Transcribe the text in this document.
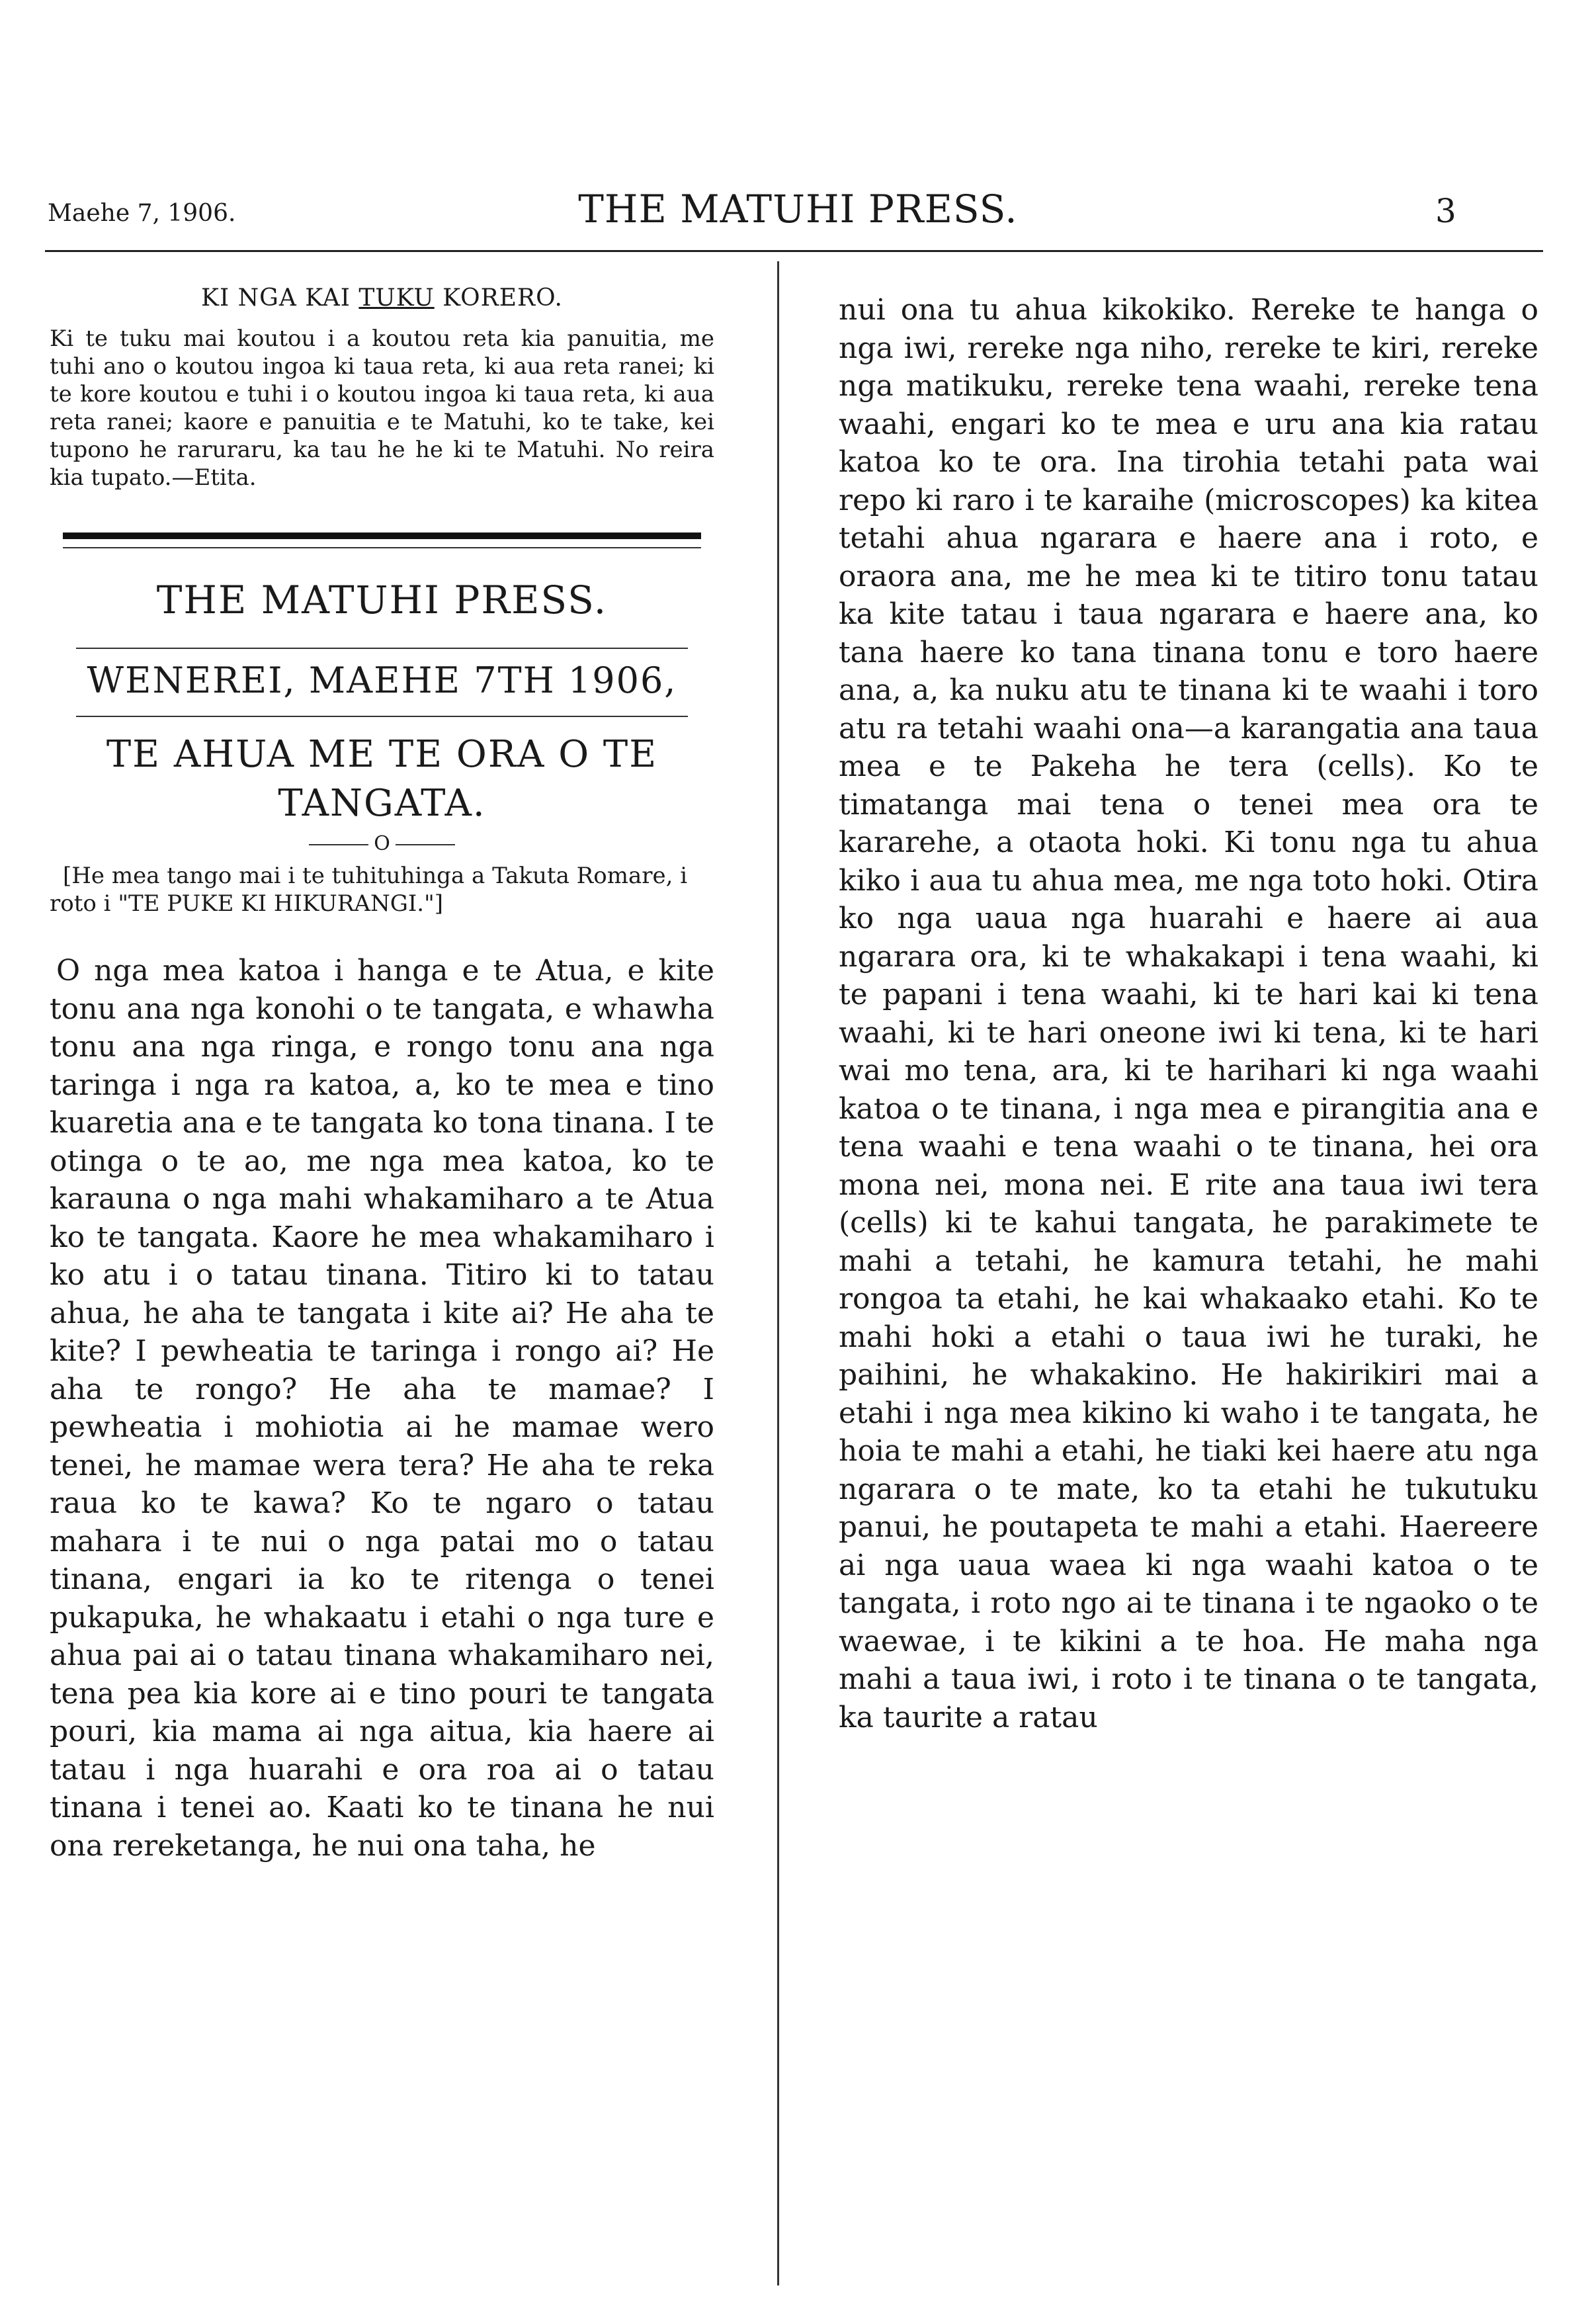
Maehe 7, 1906.	THE MATUHI PRESS.	3

KI NGA KAI TUKU KORERO.

Ki te tuku mai koutou i a koutou reta kia panuitia, me tuhi ano o koutou ingoa ki taua reta, ki aua reta ranei; ki te kore koutou e tuhi i o koutou ingoa ki taua reta, ki aua reta ranei; kaore e panuitia e te Matuhi, ko te take, kei tupono he raruraru, ka tau he he ki te Matuhi. No reira kia tupato.—Etita.

THE MATUHI PRESS.

WENEREI, MAEHE 7TH 1906,

TE AHUA ME TE ORA O TE TANGATA.

O

[He mea tango mai i te tuhituhinga a Takuta Romare, i roto i "TE PUKE KI HIKURANGI."]

O nga mea katoa i hanga e te Atua, e kite tonu ana nga konohi o te tangata, e whawha tonu ana nga ringa, e rongo tonu ana nga taringa i nga ra katoa, a, ko te mea e tino kuaretia ana e te tangata ko tona tinana. I te otinga o te ao, me nga mea katoa, ko te karauna o nga mahi whakamiharo a te Atua ko te tangata. Kaore he mea whakamiharo i ko atu i o tatau tinana. Titiro ki to tatau ahua, he aha te tangata i kite ai? He aha te kite? I pewheatia te taringa i rongo ai? He aha te rongo? He aha te mamae? I pewheatia i mohiotia ai he mamae wero tenei, he mamae wera tera? He aha te reka raua ko te kawa? Ko te ngaro o tatau mahara i te nui o nga patai mo o tatau tinana, engari ia ko te ritenga o tenei pukapuka, he whakaatu i etahi o nga ture e ahua pai ai o tatau tinana whakamiharo nei, tena pea kia kore ai e tino pouri te tangata pouri, kia mama ai nga aitua, kia haere ai tatau i nga huarahi e ora roa ai o tatau tinana i tenei ao. Kaati ko te tinana he nui ona rereketanga, he nui ona taha, he

nui ona tu ahua kikokiko. Rereke te hanga o nga iwi, rereke nga niho, rereke te kiri, rereke nga matikuku, rereke tena waahi, rereke tena waahi, engari ko te mea e uru ana kia ratau katoa ko te ora. Ina tirohia tetahi pata wai repo ki raro i te karaihe (microscopes) ka kitea tetahi ahua ngarara e haere ana i roto, e oraora ana, me he mea ki te titiro tonu tatau ka kite tatau i taua ngarara e haere ana, ko tana haere ko tana tinana tonu e toro haere ana, a, ka nuku atu te tinana ki te waahi i toro atu ra tetahi waahi ona—a karangatia ana taua mea e te Pakeha he tera (cells). Ko te timatanga mai tena o tenei mea ora te kararehe, a otaota hoki. Ki tonu nga tu ahua kiko i aua tu ahua mea, me nga toto hoki. Otira ko nga uaua nga huarahi e haere ai aua ngarara ora, ki te whakakapi i tena waahi, ki te papani i tena waahi, ki te hari kai ki tena waahi, ki te hari oneone iwi ki tena, ki te hari wai mo tena, ara, ki te harihari ki nga waahi katoa o te tinana, i nga mea e pirangitia ana e tena waahi e tena waahi o te tinana, hei ora mona nei, mona nei. E rite ana taua iwi tera (cells) ki te kahui tangata, he parakimete te mahi a tetahi, he kamura tetahi, he mahi rongoa ta etahi, he kai whakaako etahi. Ko te mahi hoki a etahi o taua iwi he turaki, he paihini, he whakakino. He hakirikiri mai a etahi i nga mea kikino ki waho i te tangata, he hoia te mahi a etahi, he tiaki kei haere atu nga ngarara o te mate, ko ta etahi he tukutuku panui, he poutapeta te mahi a etahi. Haereere ai nga uaua waea ki nga waahi katoa o te tangata, i roto ngo ai te tinana i te ngaoko o te waewae, i te kikini a te hoa. He maha nga mahi a taua iwi, i roto i te tinana o te tangata, ka taurite a ratau
